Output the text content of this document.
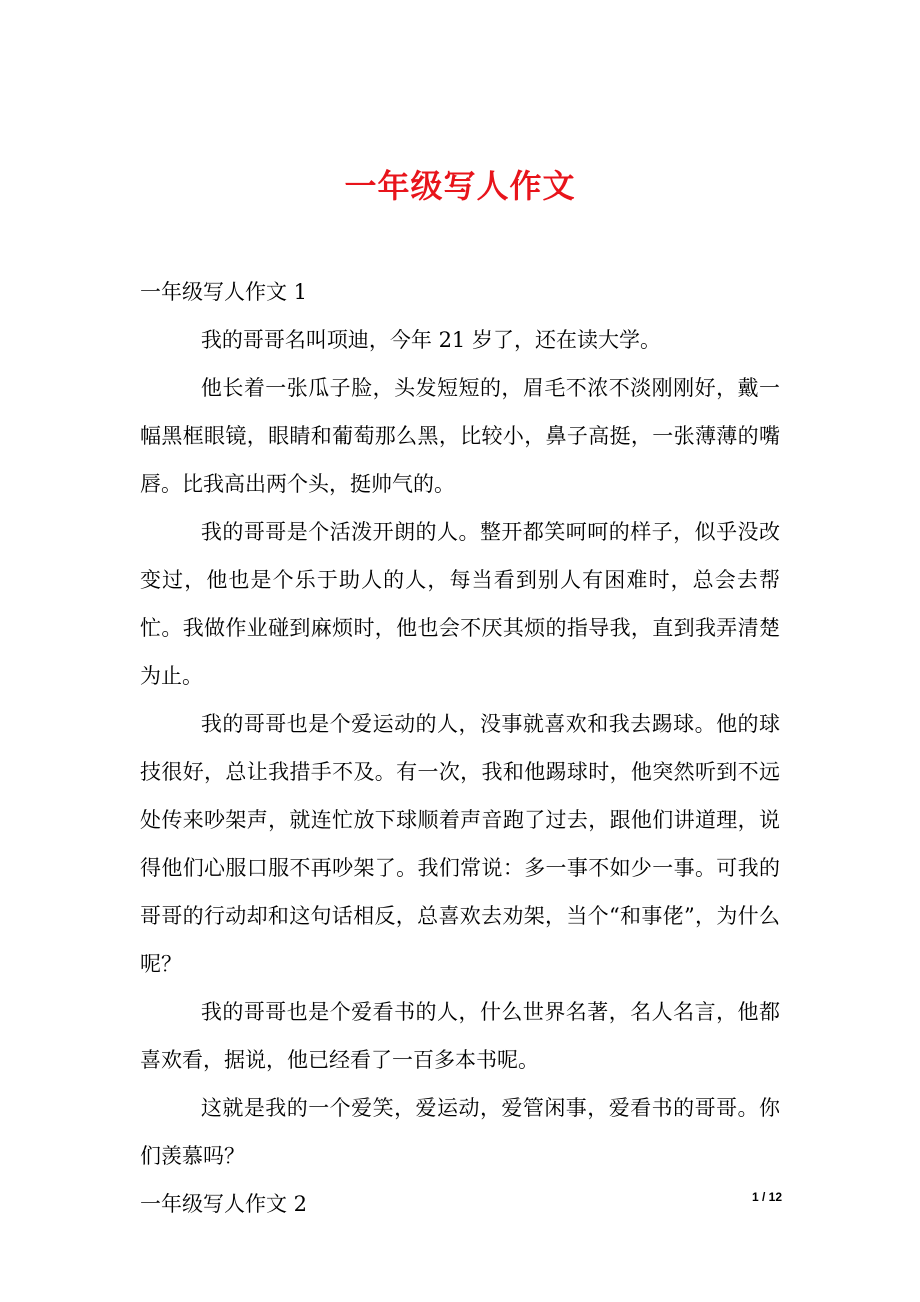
一年级写人作文
一年级写人作文 1

我的哥哥名叫项迪，今年 21 岁了，还在读大学。

他长着一张瓜子脸，头发短短的，眉毛不浓不淡刚刚好，戴一幅黑框眼镜，眼睛和葡萄那么黑，比较小，鼻子高挺，一张薄薄的嘴唇。比我高出两个头，挺帅气的。

我的哥哥是个活泼开朗的人。整开都笑呵呵的样子，似乎没改变过，他也是个乐于助人的人，每当看到别人有困难时，总会去帮忙。我做作业碰到麻烦时，他也会不厌其烦的指导我，直到我弄清楚为止。

我的哥哥也是个爱运动的人，没事就喜欢和我去踢球。他的球技很好，总让我措手不及。有一次，我和他踢球时，他突然听到不远处传来吵架声，就连忙放下球顺着声音跑了过去，跟他们讲道理，说得他们心服口服不再吵架了。我们常说：多一事不如少一事。可我的哥哥的行动却和这句话相反，总喜欢去劝架，当个“和事佬”，为什么呢？

我的哥哥也是个爱看书的人，什么世界名著，名人名言，他都喜欢看，据说，他已经看了一百多本书呢。

这就是我的一个爱笑，爱运动，爱管闲事，爱看书的哥哥。你们羡慕吗？

一年级写人作文 2	1 / 12
